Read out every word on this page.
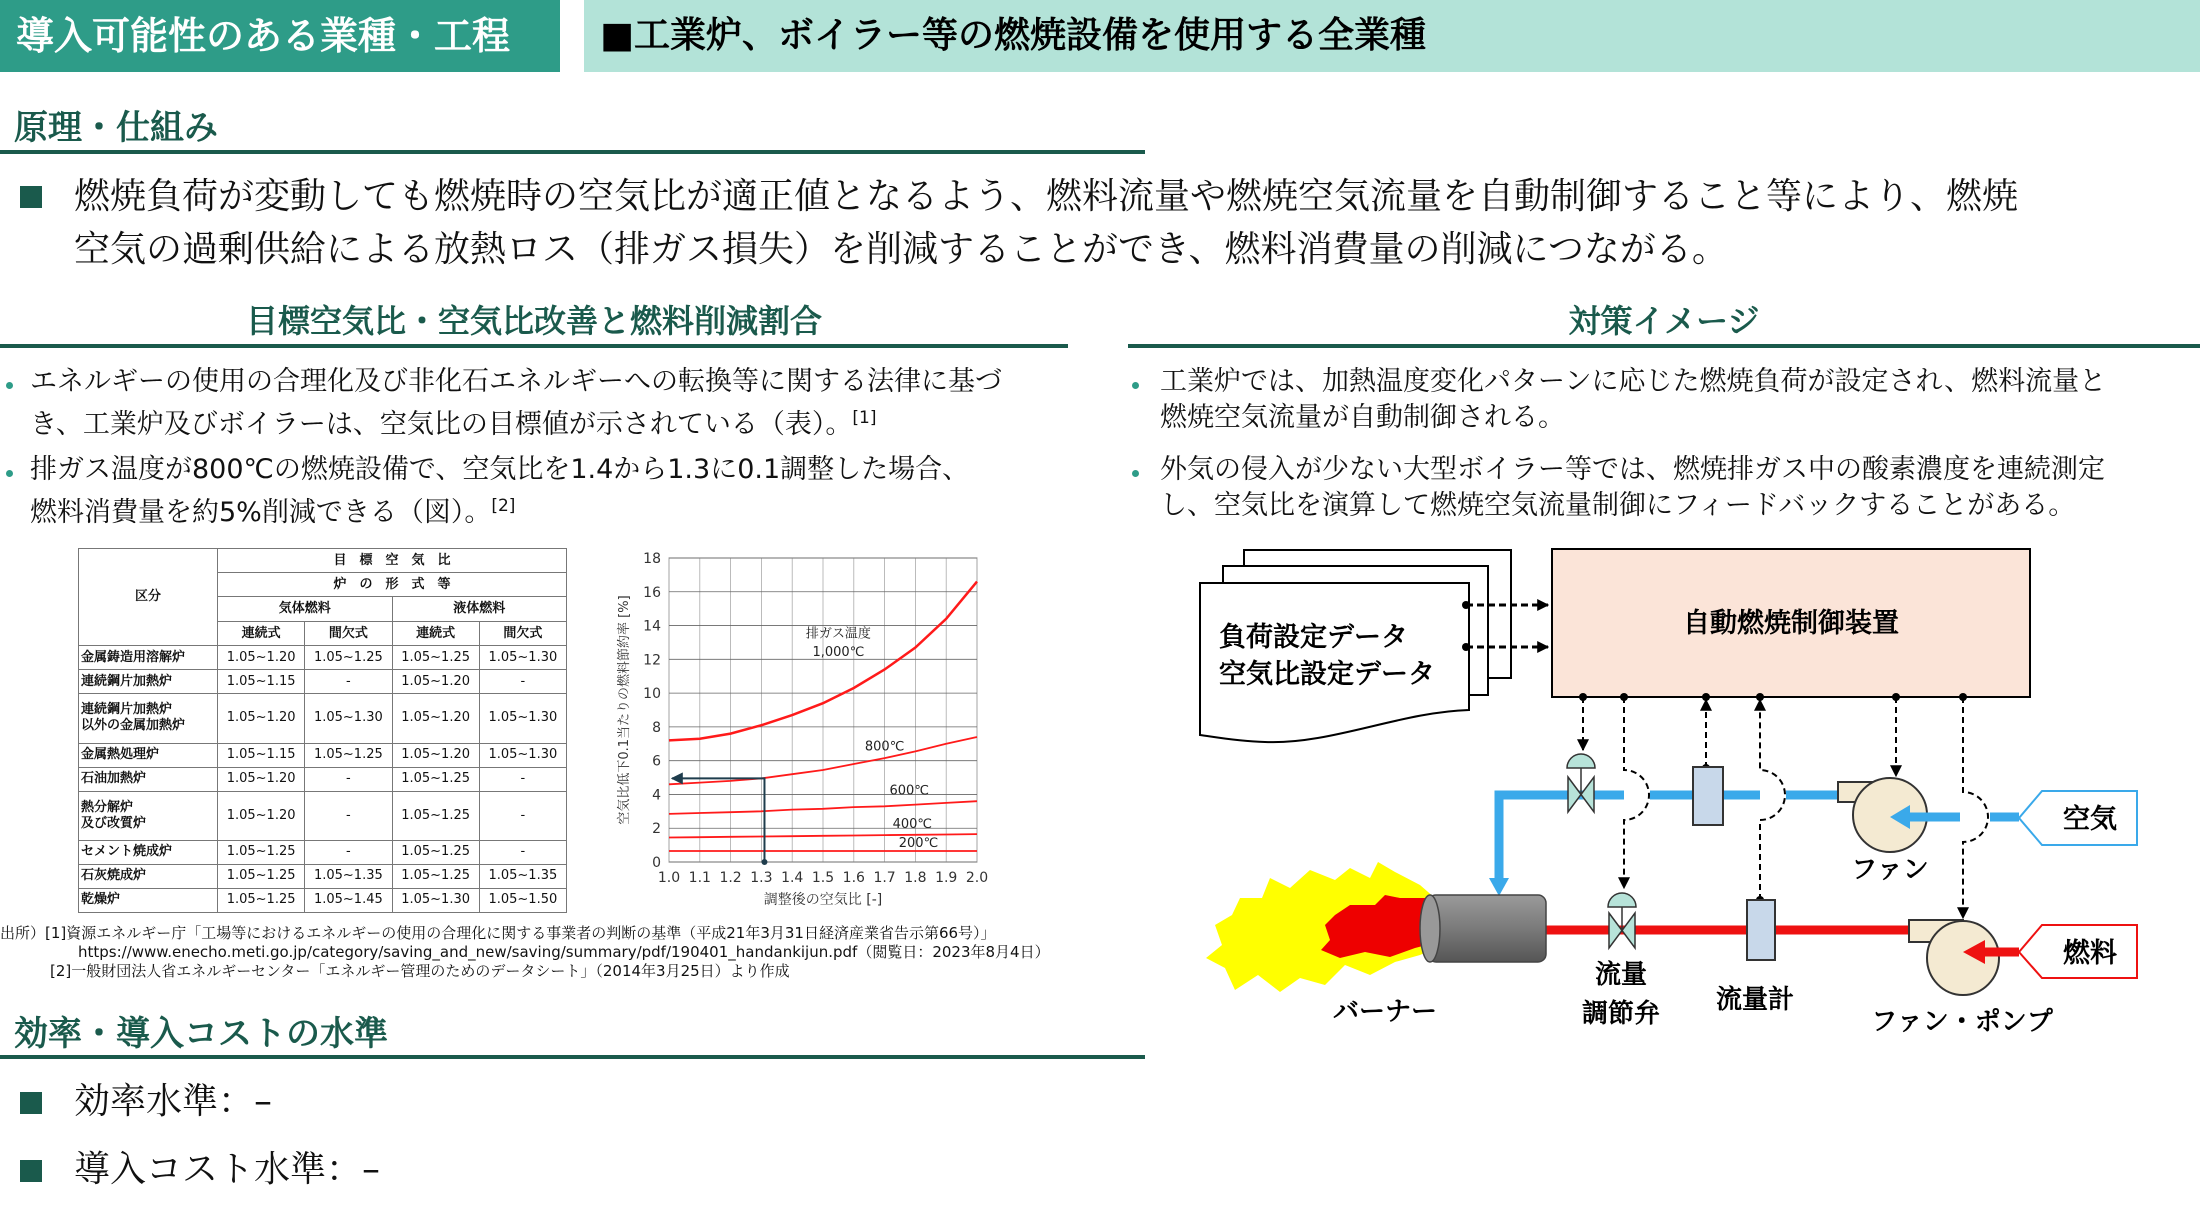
導入可能性のある業種・工程	■工業炉、ボイラー等の燃焼設備を使用する全業種
原理・仕組み
燃焼負荷が変動しても燃焼時の空気比が適正値となるよう、燃料流量や燃焼空気流量を自動制御すること等により、燃焼
空気の過剰供給による放熱ロス（排ガス損失）を削減することができ、燃料消費量の削減につながる。
目標空気比・空気比改善と燃料削減割合	対策イメージ
エネルギーの使用の合理化及び非化石エネルギーへの転換等に関する法律に基づ
き、工業炉及びボイラーは、空気比の目標値が示されている（表）。[1]
排ガス温度が800℃の燃焼設備で、空気比を1.4から1.3に0.1調整した場合、
燃料消費量を約5%削減できる（図）。[2]
工業炉では、加熱温度変化パターンに応じた燃焼負荷が設定され、燃料流量と
燃焼空気流量が自動制御される。
外気の侵入が少ない大型ボイラー等では、燃焼排ガス中の酸素濃度を連続測定
し、空気比を演算して燃焼空気流量制御にフィードバックすることがある。
区分	目　標　空　気　比			
	炉　の　形　式　等			
	気体燃料		液体燃料	
	連続式	間欠式	連続式	間欠式

金属鋳造用溶解炉	1.05~1.20	1.05~1.25	1.05~1.25	1.05~1.30

連続鋼片加熱炉	1.05~1.15	-	1.05~1.20	-

連続鋼片加熱炉
以外の金属加熱炉	1.05~1.20	1.05~1.30	1.05~1.20	1.05~1.30

金属熱処理炉	1.05~1.15	1.05~1.25	1.05~1.20	1.05~1.30

石油加熱炉	1.05~1.20	-	1.05~1.25	-

熱分解炉
及び改質炉	1.05~1.20	-	1.05~1.25	-

セメント焼成炉	1.05~1.25	-	1.05~1.25	-

石灰焼成炉	1.05~1.25	1.05~1.35	1.05~1.25	1.05~1.35

乾燥炉	1.05~1.25	1.05~1.45	1.05~1.30	1.05~1.50
出所）[1]資源エネルギー庁「工場等におけるエネルギーの使用の合理化に関する事業者の判断の基準（平成21年3月31日経済産業省告示第66号）」
https://www.enecho.meti.go.jp/category/saving_and_new/saving/summary/pdf/190401_handankijun.pdf（閲覧日：2023年8月4日）
[2]一般財団法人省エネルギーセンター「エネルギー管理のためのデータシート」（2014年3月25日）より作成
効率・導入コストの水準
効率水準：–
導入コスト水準：–
1.0 1.1 1.2 1.3 1.4 1.5 1.6 1.7 1.8 1.9 2.0
0
2
4
6
8
10
12
14
16
18
1,000℃
800℃
600℃
400℃
200℃
排ガス温度
調整後の空気比 [-]
空気比低下0.1当たりの燃料節約率 [%]	負荷設定データ
空気比設定データ
自動燃焼制御装置
空気
燃料
ファン
バーナー
流量
調節弁 流量計
ファン・ポンプ
